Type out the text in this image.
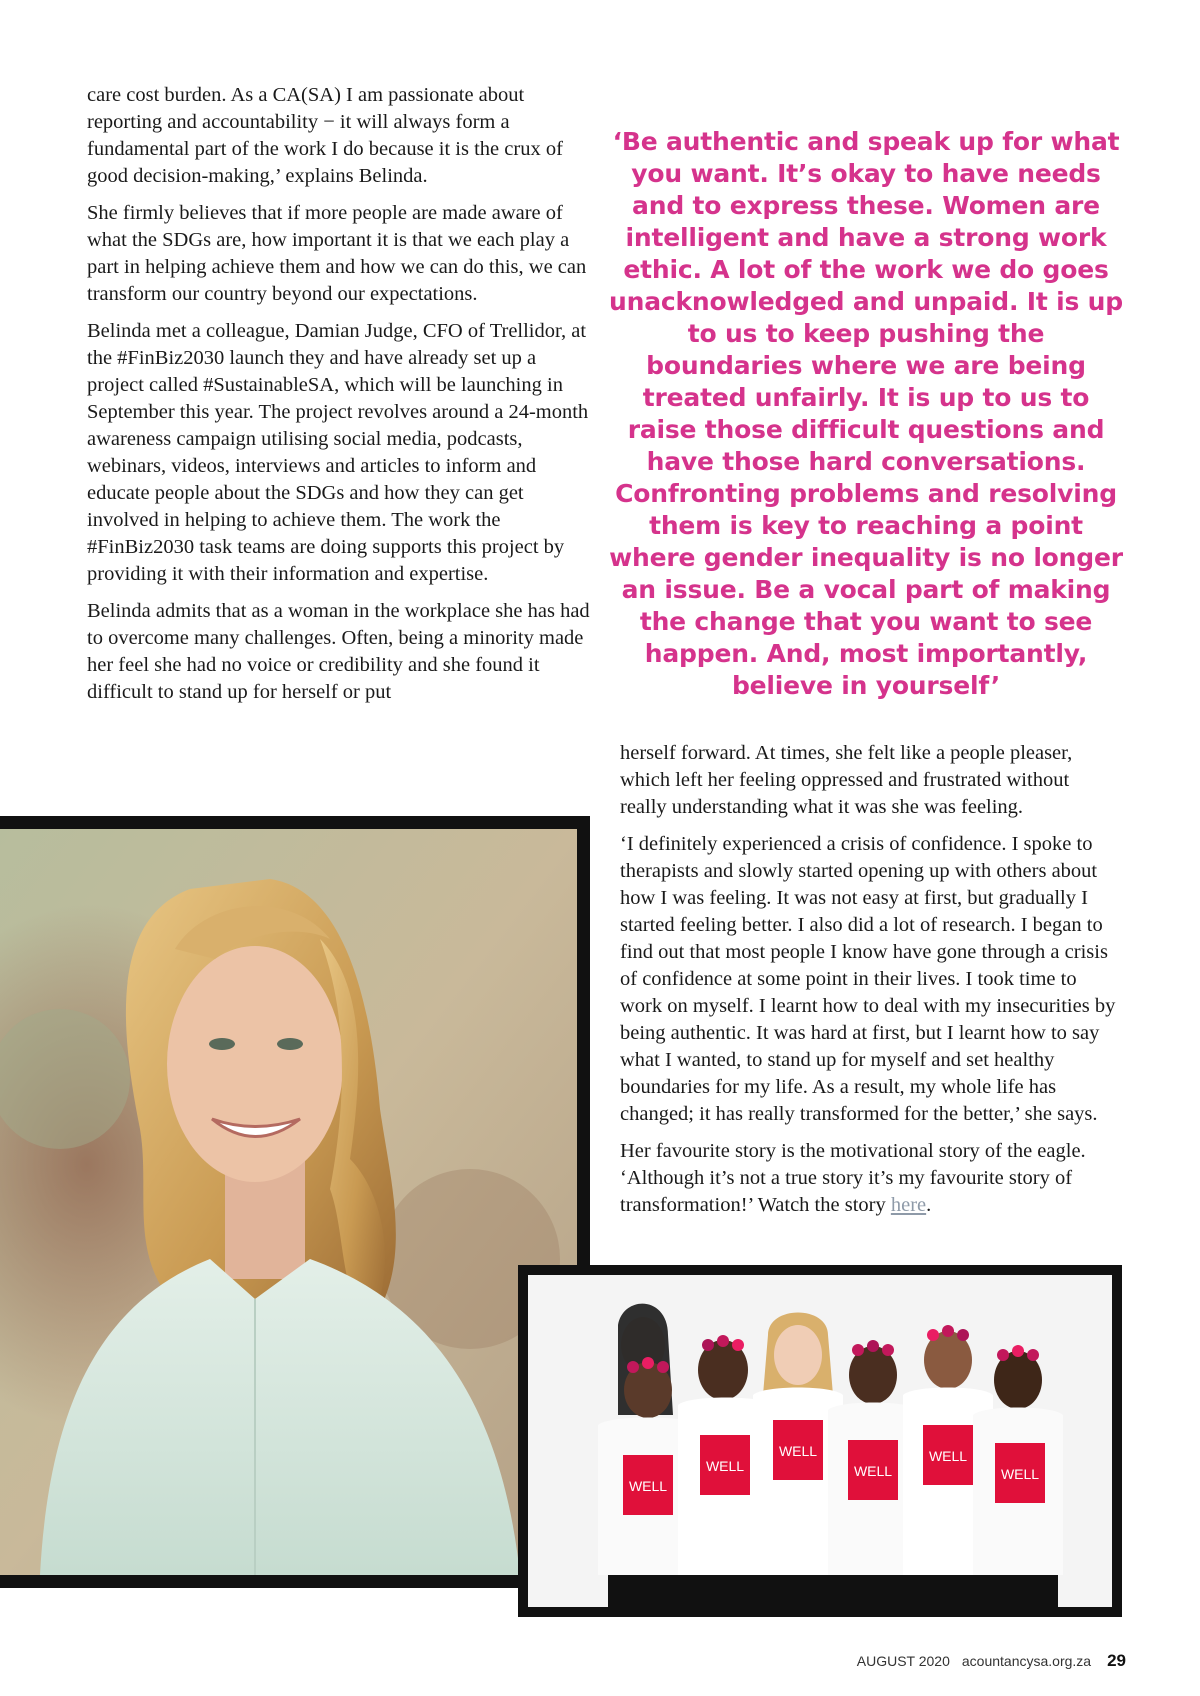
care cost burden. As a CA(SA) I am passionate about reporting and accountability − it will always form a fundamental part of the work I do because it is the crux of good decision-making,’ explains Belinda.

She firmly believes that if more people are made aware of what the SDGs are, how important it is that we each play a part in helping achieve them and how we can do this, we can transform our country beyond our expectations.

Belinda met a colleague, Damian Judge, CFO of Trellidor, at the #FinBiz2030 launch they and have already set up a project called #SustainableSA, which will be launching in September this year. The project revolves around a 24-month awareness campaign utilising social media, podcasts, webinars, videos, interviews and articles to inform and educate people about the SDGs and how they can get involved in helping to achieve them. The work the #FinBiz2030 task teams are doing supports this project by providing it with their information and expertise.

Belinda admits that as a woman in the workplace she has had to overcome many challenges. Often, being a minority made her feel she had no voice or credibility and she found it difficult to stand up for herself or put

‘Be authentic and speak up for what you want. It’s okay to have needs and to express these. Women are intelligent and have a strong work ethic. A lot of the work we do goes unacknowledged and unpaid. It is up to us to keep pushing the boundaries where we are being treated unfairly. It is up to us to raise those difficult questions and have those hard conversations. Confronting problems and resolving them is key to reaching a point where gender inequality is no longer an issue. Be a vocal part of making the change that you want to see happen. And, most importantly, believe in yourself’

herself forward. At times, she felt like a people pleaser, which left her feeling oppressed and frustrated without really understanding what it was she was feeling.

‘I definitely experienced a crisis of confidence. I spoke to therapists and slowly started opening up with others about how I was feeling. It was not easy at first, but gradually I started feeling better. I also did a lot of research. I began to find out that most people I know have gone through a crisis of confidence at some point in their lives. I took time to work on myself. I learnt how to deal with my insecurities by being authentic. It was hard at first, but I learnt how to say what I wanted, to stand up for myself and set healthy boundaries for my life. As a result, my whole life has changed; it has really transformed for the better,’ she says.

Her favourite story is the motivational story of the eagle. ‘Although it’s not a true story it’s my favourite story of transformation!’ Watch the story here.

WELL
WELL
WELL
WELL
WELL
WELL
AUGUST 2020 acountancysa.org.za 29
